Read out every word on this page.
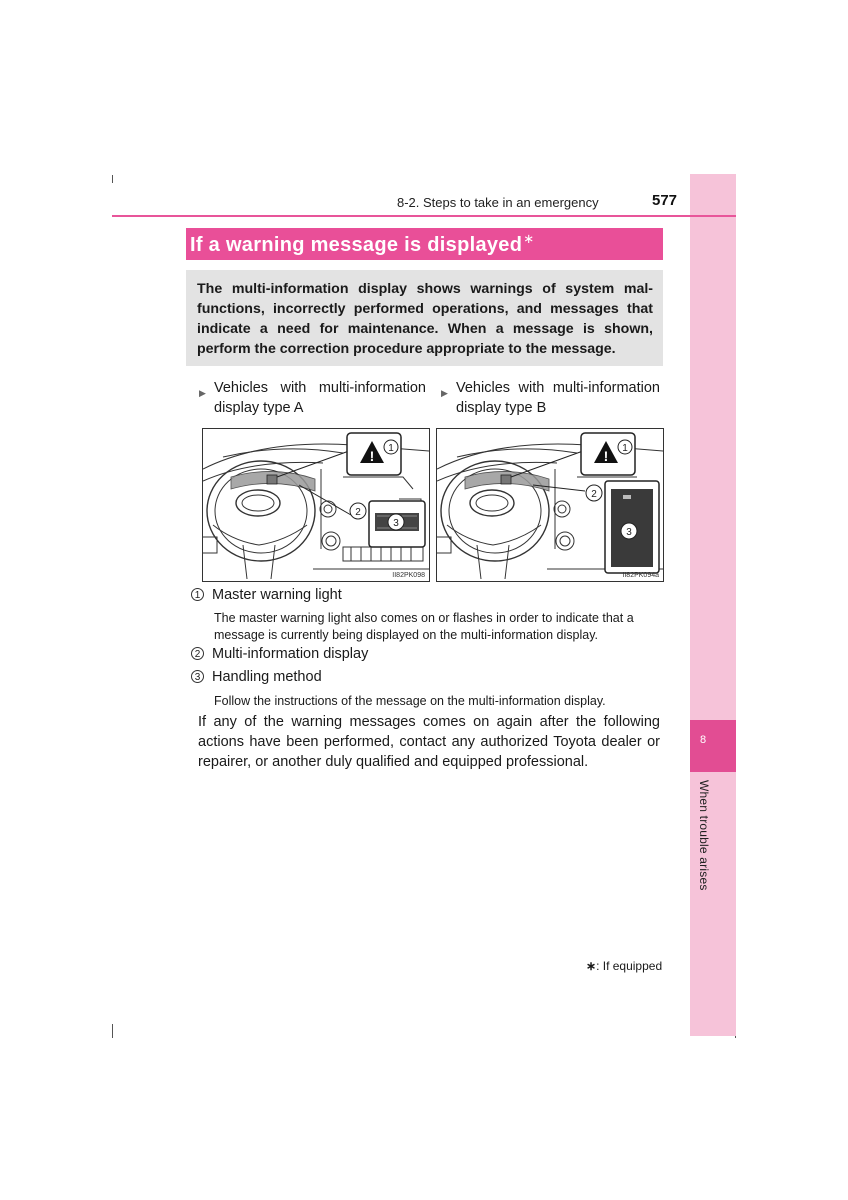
8
When trouble arises
8-2. Steps to take in an emergency	577
If a warning message is displayed∗

The multi-information display shows warnings of system mal-functions, incorrectly performed operations, and messages that indicate a need for maintenance. When a message is shown, perform the correction procedure appropriate to the message.

▶ Vehicles with multi-information display type A
▶ Vehicles with multi-information display type B
! 1
2
3
II82PK098
! 1
2
3
II82PK094a
1 Master warning light
The master warning light also comes on or flashes in order to indicate that a message is currently being displayed on the multi-information display.
2 Multi-information display
3 Handling method
Follow the instructions of the message on the multi-information display.
If any of the warning messages comes on again after the following actions have been performed, contact any authorized Toyota dealer or repairer, or another duly qualified and equipped professional.
∗: If equipped
